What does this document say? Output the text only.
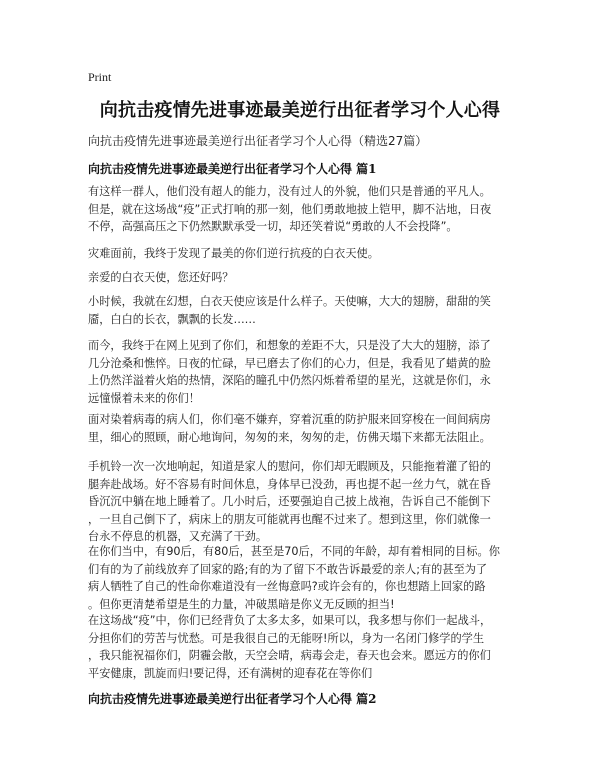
Print
向抗击疫情先进事迹最美逆行出征者学习个人心得
向抗击疫情先进事迹最美逆行出征者学习个人心得（精选27篇）
向抗击疫情先进事迹最美逆行出征者学习个人心得 篇1

有这样一群人，他们没有超人的能力，没有过人的外貌，他们只是普通的平凡人。
但是，就在这场战“疫”正式打响的那一刻，他们勇敢地披上铠甲，脚不沾地，日夜
不停，高强高压之下仍然默默承受一切，却还笑着说“勇敢的人不会投降”。

灾难面前，我终于发现了最美的你们逆行抗疫的白衣天使。

亲爱的白衣天使，您还好吗？

小时候，我就在幻想，白衣天使应该是什么样子。天使嘛，大大的翅膀，甜甜的笑
靥，白白的长衣，飘飘的长发……

而今，我终于在网上见到了你们，和想象的差距不大，只是没了大大的翅膀，添了
几分沧桑和憔悴。日夜的忙碌，早已磨去了你们的心力，但是，我看见了蜡黄的脸
上仍然洋溢着火焰的热情，深陷的瞳孔中仍然闪烁着希望的星光，这就是你们，永
远憧憬着未来的你们！

面对染着病毒的病人们，你们毫不嫌弃，穿着沉重的防护服来回穿梭在一间间病房
里，细心的照顾，耐心地询问，匆匆的来，匆匆的走，仿佛天塌下来都无法阻止。

手机铃一次一次地响起，知道是家人的慰问，你们却无暇顾及，只能拖着灌了铅的
腿奔赴战场。好不容易有时间休息，身体早已没劲，再也提不起一丝力气，就在昏
昏沉沉中躺在地上睡着了。几小时后，还要强迫自己披上战袍，告诉自己不能倒下
，一旦自己倒下了，病床上的朋友可能就再也醒不过来了。想到这里，你们就像一
台永不停息的机器，又充满了干劲。

在你们当中，有90后，有80后，甚至是70后，不同的年龄，却有着相同的目标。你
们有的为了前线放弃了回家的路;有的为了留下不敢告诉最爱的亲人;有的甚至为了
病人牺牲了自己的性命你难道没有一丝悔意吗?或许会有的，你也想踏上回家的路
。但你更清楚希望是生的力量，冲破黑暗是你义无反顾的担当!

在这场战“疫”中，你们已经背负了太多太多，如果可以，我多想与你们一起战斗，
分担你们的劳苦与忧愁。可是我很自己的无能呀!所以，身为一名闭门修学的学生
，我只能祝福你们，阴霾会散，天空会晴，病毒会走，春天也会来。愿远方的你们
平安健康，凯旋而归!要记得，还有满树的迎春花在等你们

向抗击疫情先进事迹最美逆行出征者学习个人心得 篇2
